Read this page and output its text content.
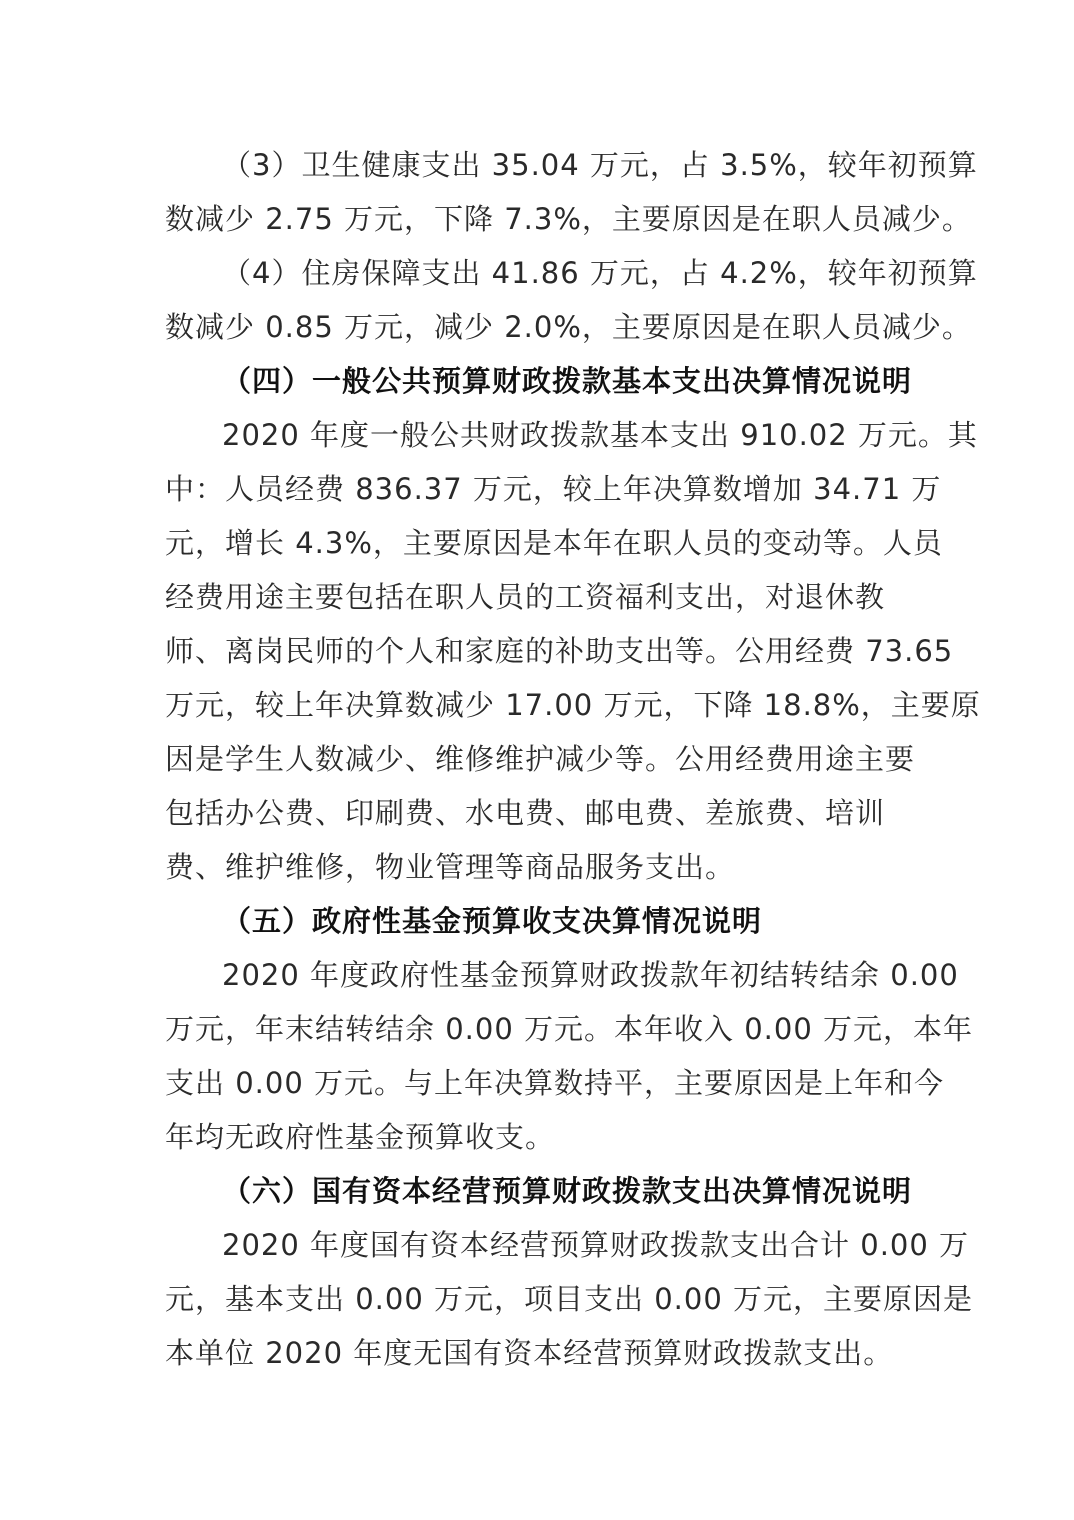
（3）卫生健康支出 35.04 万元，占 3.5%，较年初预算
数减少 2.75 万元，下降 7.3%，主要原因是在职人员减少。
（4）住房保障支出 41.86 万元，占 4.2%，较年初预算
数减少 0.85 万元，减少 2.0%，主要原因是在职人员减少。
（四）一般公共预算财政拨款基本支出决算情况说明
2020 年度一般公共财政拨款基本支出 910.02 万元。其
中：人员经费 836.37 万元，较上年决算数增加 34.71 万
元，增长 4.3%，主要原因是本年在职人员的变动等。人员
经费用途主要包括在职人员的工资福利支出，对退休教
师、离岗民师的个人和家庭的补助支出等。公用经费 73.65
万元，较上年决算数减少 17.00 万元，下降 18.8%，主要原
因是学生人数减少、维修维护减少等。公用经费用途主要
包括办公费、印刷费、水电费、邮电费、差旅费、培训
费、维护维修，物业管理等商品服务支出。
（五）政府性基金预算收支决算情况说明
2020 年度政府性基金预算财政拨款年初结转结余 0.00
万元，年末结转结余 0.00 万元。本年收入 0.00 万元，本年
支出 0.00 万元。与上年决算数持平，主要原因是上年和今
年均无政府性基金预算收支。
（六）国有资本经营预算财政拨款支出决算情况说明
2020 年度国有资本经营预算财政拨款支出合计 0.00 万
元，基本支出 0.00 万元，项目支出 0.00 万元，主要原因是
本单位 2020 年度无国有资本经营预算财政拨款支出。
